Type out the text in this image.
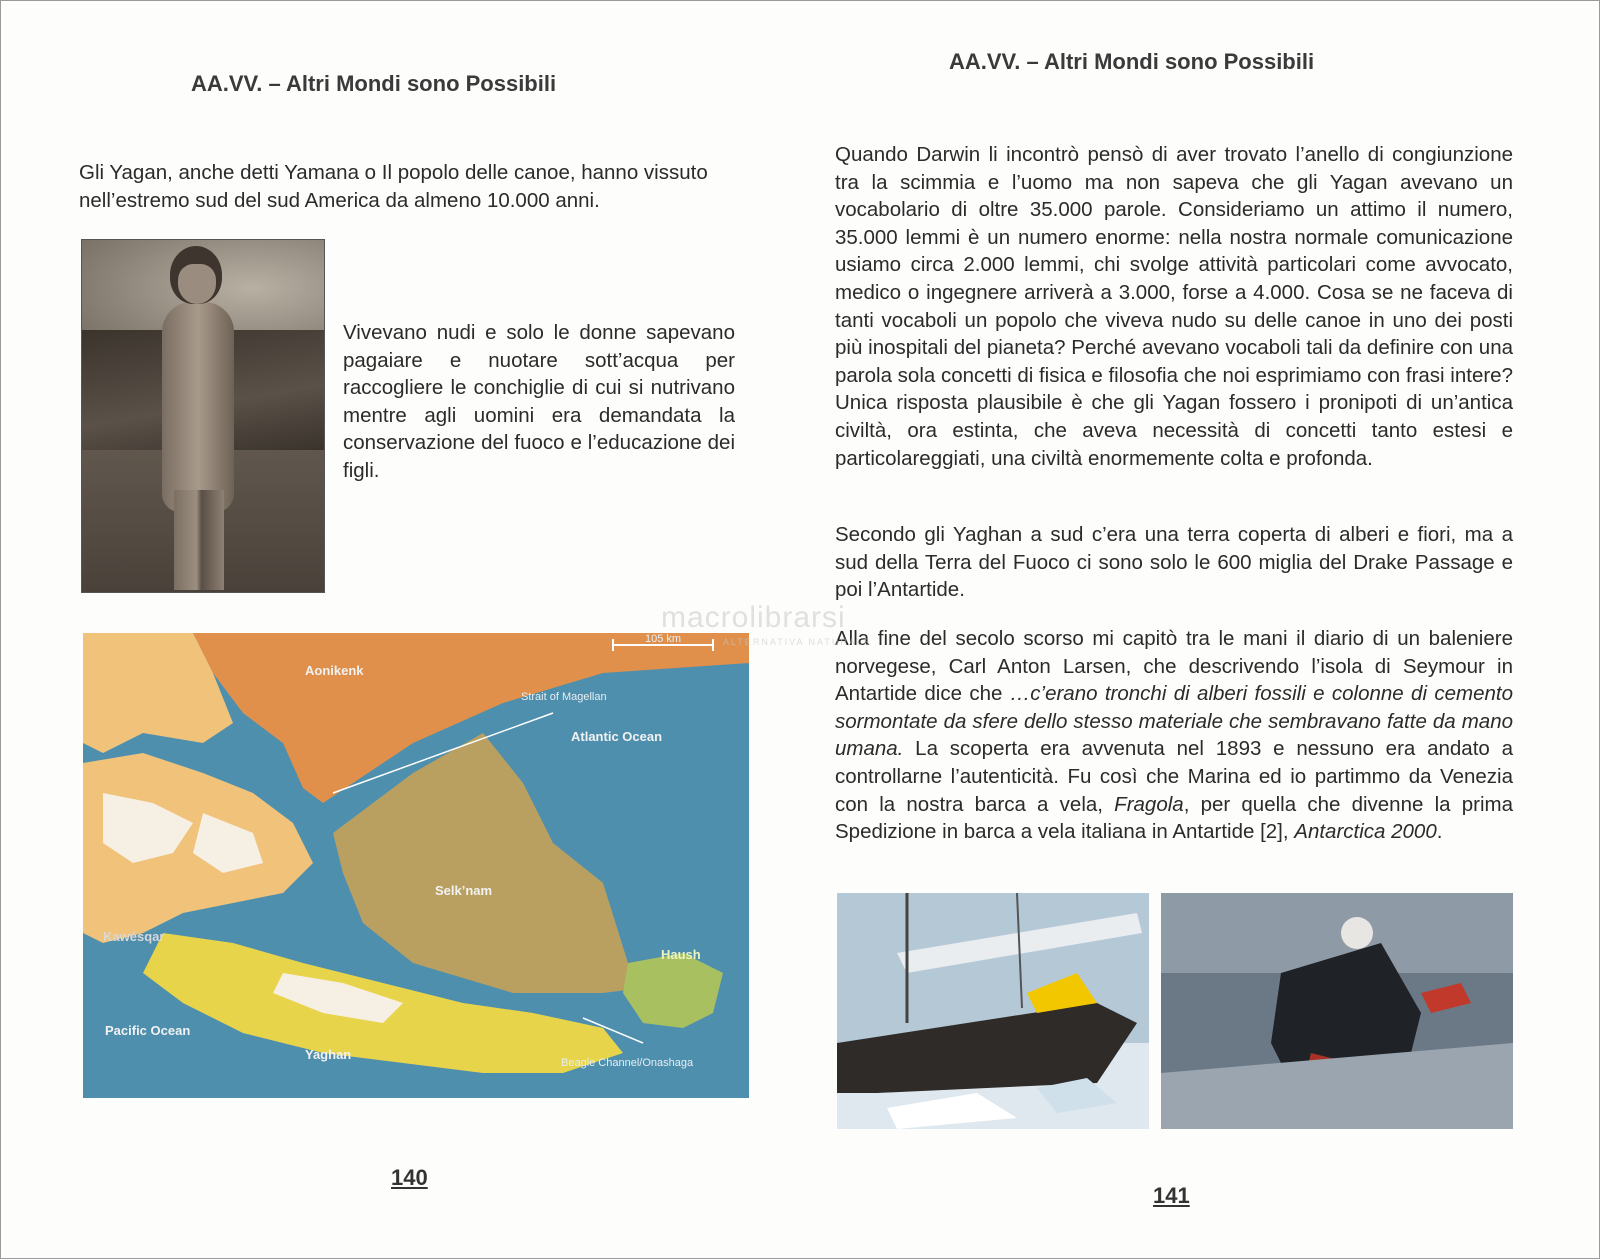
AA.VV. – Altri Mondi sono Possibili
Gli Yagan, anche detti Yamana o Il popolo delle canoe, hanno vissuto nell’estremo sud del sud America da almeno 10.000 anni.
Vivevano nudi e solo le donne sapevano pagaiare e nuotare sott’acqua per raccogliere le conchiglie di cui si nutrivano mentre agli uomini era demandata la conservazione del fuoco e l’educazione dei figli.
105 km
Aonikenk
Strait of Magellan
Atlantic Ocean
Selk’nam
Kawésqar
Haush
Pacific Ocean
Yaghan
Beagle Channel/Onashaga
140
AA.VV. – Altri Mondi sono Possibili
Quando Darwin li incontrò pensò di aver trovato l’anello di congiunzione tra la scimmia e l’uomo ma non sapeva che gli Yagan avevano un vocabolario di oltre 35.000 parole. Consideriamo un attimo il numero, 35.000 lemmi è un numero enorme: nella nostra normale comunicazione usiamo circa 2.000 lemmi, chi svolge attività particolari come avvocato, medico o ingegnere arriverà a 3.000, forse a 4.000. Cosa se ne faceva di tanti vocaboli un popolo che viveva nudo su delle canoe in uno dei posti più inospitali del pianeta? Perché avevano vocaboli tali da definire con una parola sola concetti di fisica e filosofia che noi esprimiamo con frasi intere? Unica risposta plausibile è che gli Yagan fossero i pronipoti di un’antica civiltà, ora estinta, che aveva necessità di concetti tanto estesi e particolareggiati, una civiltà enormemente colta e profonda.
Secondo gli Yaghan a sud c’era una terra coperta di alberi e fiori, ma a sud della Terra del Fuoco ci sono solo le 600 miglia del Drake Passage e poi l’Antartide.
Alla fine del secolo scorso mi capitò tra le mani il diario di un baleniere norvegese, Carl Anton Larsen, che descrivendo l’isola di Seymour in Antartide dice che …c’erano tronchi di alberi fossili e colonne di cemento sormontate da sfere dello stesso materiale che sembravano fatte da mano umana. La scoperta era avvenuta nel 1893 e nessuno era andato a controllarne l’autenticità. Fu così che Marina ed io partimmo da Venezia con la nostra barca a vela, Fragola, per quella che divenne la prima Spedizione in barca a vela italiana in Antartide [2], Antarctica 2000.
141
macrolibrarsi
ALTERNATIVA NATURALE
